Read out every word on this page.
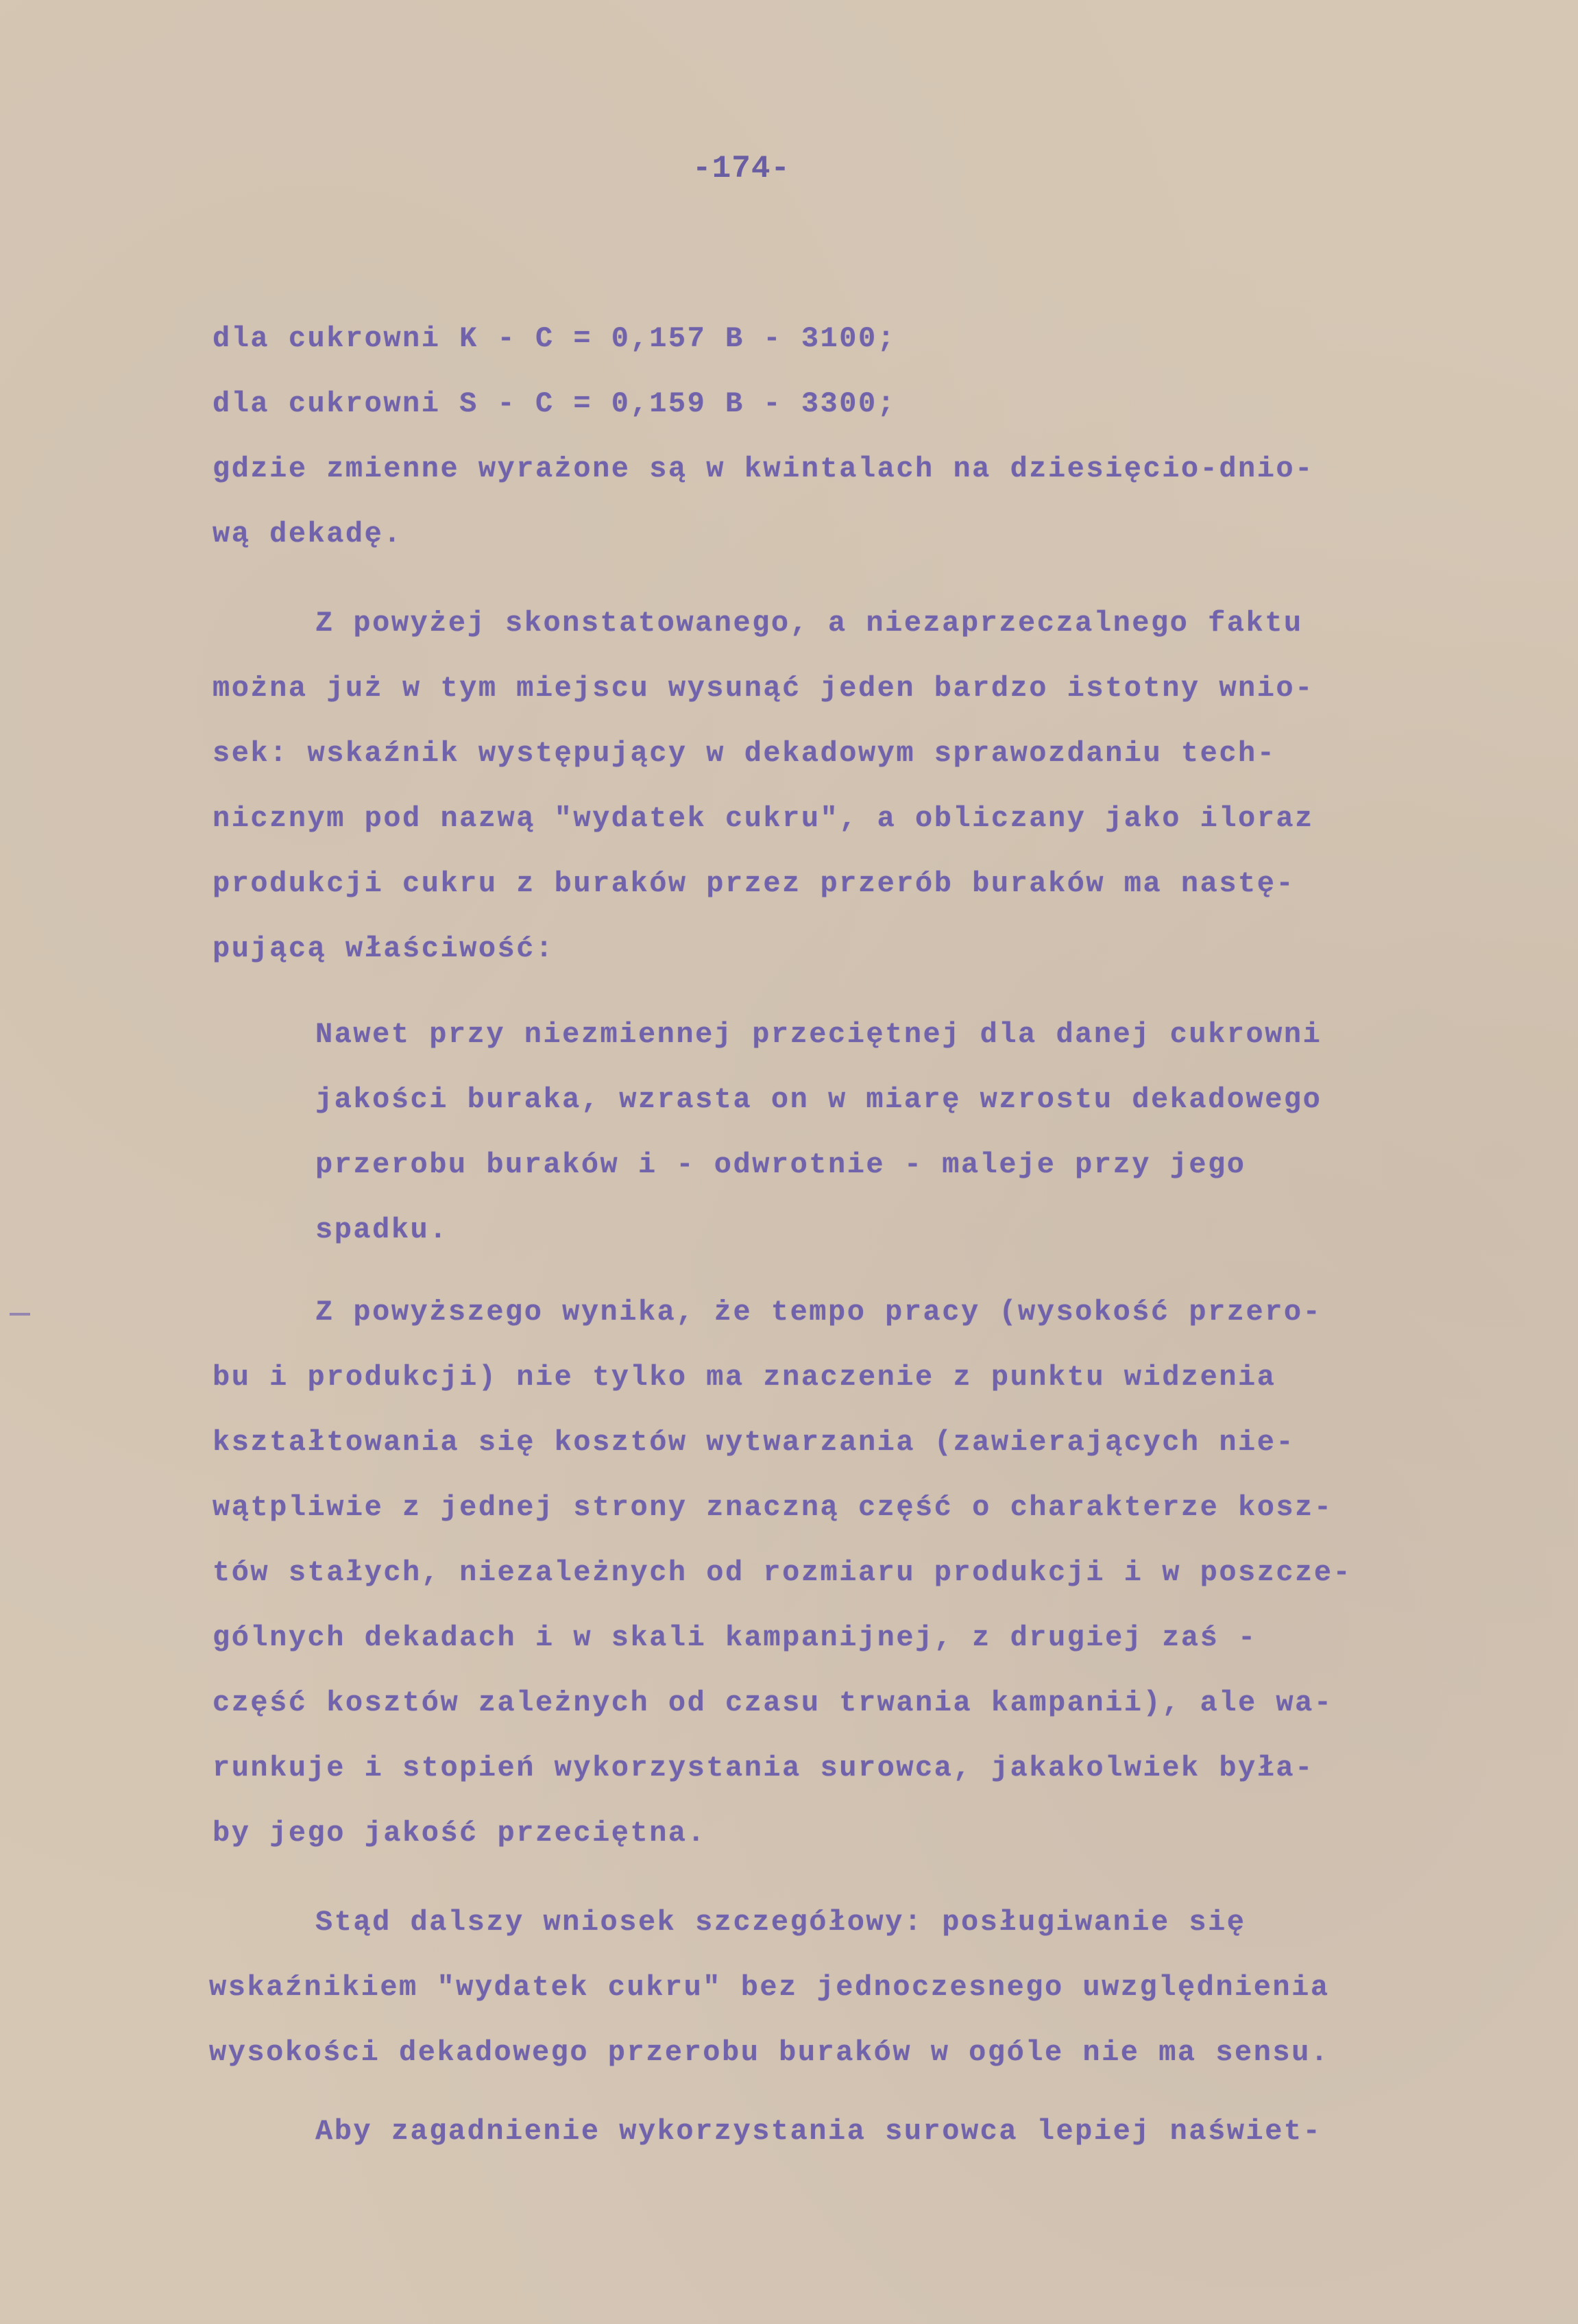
-174-
dla cukrowni K - C = 0,157 B - 3100;
dla cukrowni S - C = 0,159 B - 3300;
gdzie zmienne wyrażone są w kwintalach na dziesięcio-dnio-
wą dekadę.
Z powyżej skonstatowanego, a niezaprzeczalnego faktu
można już w tym miejscu wysunąć jeden bardzo istotny wnio-
sek: wskaźnik występujący w dekadowym sprawozdaniu tech-
nicznym pod nazwą "wydatek cukru", a obliczany jako iloraz
produkcji cukru z buraków przez przerób buraków ma nastę-
pującą właściwość:
Nawet przy niezmiennej przeciętnej dla danej cukrowni
jakości buraka, wzrasta on w miarę wzrostu dekadowego
przerobu buraków i - odwrotnie - maleje przy jego
spadku.
Z powyższego wynika, że tempo pracy (wysokość przero-
bu i produkcji) nie tylko ma znaczenie z punktu widzenia
kształtowania się kosztów wytwarzania (zawierających nie-
wątpliwie z jednej strony znaczną część o charakterze kosz-
tów stałych, niezależnych od rozmiaru produkcji i w poszcze-
gólnych dekadach i w skali kampanijnej, z drugiej zaś -
część kosztów zależnych od czasu trwania kampanii), ale wa-
runkuje i stopień wykorzystania surowca, jakakolwiek była-
by jego jakość przeciętna.
Stąd dalszy wniosek szczegółowy: posługiwanie się
wskaźnikiem "wydatek cukru" bez jednoczesnego uwzględnienia
wysokości dekadowego przerobu buraków w ogóle nie ma sensu.
Aby zagadnienie wykorzystania surowca lepiej naświet-
